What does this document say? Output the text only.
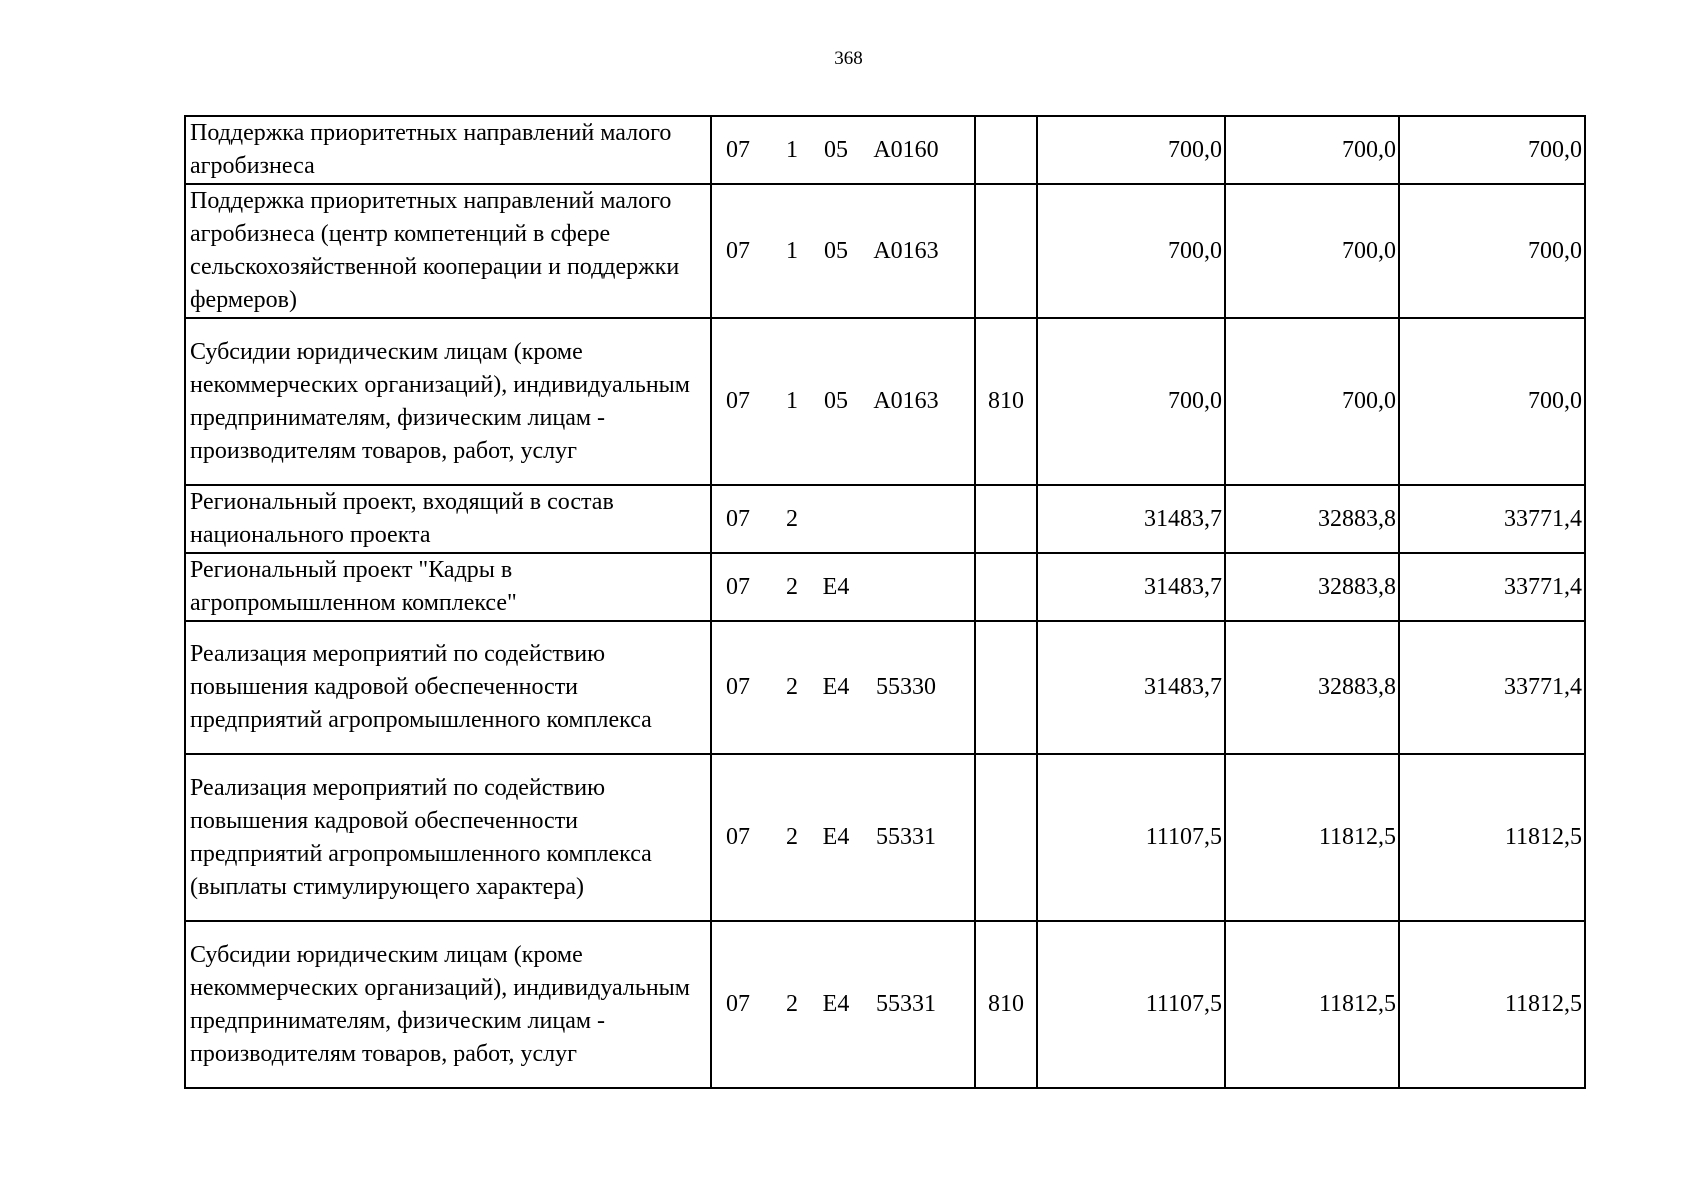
368
Поддержка приоритетных направлений малого агробизнеса	07 1 05 А0160		700,0	700,0	700,0
Поддержка приоритетных направлений малого агробизнеса (центр компетенций в сфере сельскохозяйственной кооперации и поддержки фермеров)	07 1 05 А0163		700,0	700,0	700,0
Субсидии юридическим лицам (кроме некоммерческих организаций), индивидуальным предпринимателям, физическим лицам - производителям товаров, работ, услуг	07 1 05 А0163	810	700,0	700,0	700,0
Региональный проект, входящий в состав национального проекта	07 2		31483,7	32883,8	33771,4
Региональный проект "Кадры в агропромышленном комплексе"	07 2 Е4		31483,7	32883,8	33771,4
Реализация мероприятий по содействию повышения кадровой обеспеченности предприятий агропромышленного комплекса	07 2 Е4 55330		31483,7	32883,8	33771,4
Реализация мероприятий по содействию повышения кадровой обеспеченности предприятий агропромышленного комплекса (выплаты стимулирующего характера)	07 2 Е4 55331		11107,5	11812,5	11812,5
Субсидии юридическим лицам (кроме некоммерческих организаций), индивидуальным предпринимателям, физическим лицам - производителям товаров, работ, услуг	07 2 Е4 55331	810	11107,5	11812,5	11812,5
